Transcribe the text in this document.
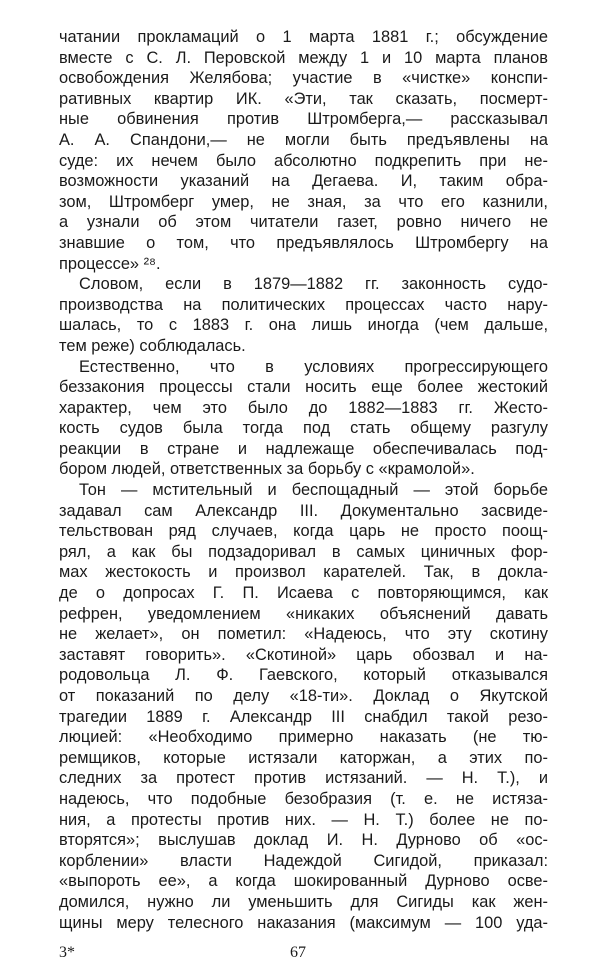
чатании прокламаций о 1 марта 1881 г.; обсуждение
вместе с С. Л. Перовской между 1 и 10 марта планов
освобождения Желябова; участие в «чистке» конспи-
ративных квартир ИК. «Эти, так сказать, посмерт-
ные обвинения против Штромберга,— рассказывал
А. А. Спандони,— не могли быть предъявлены на
суде: их нечем было абсолютно подкрепить при не-
возможности указаний на Дегаева. И, таким обра-
зом, Штромберг умер, не зная, за что его казнили,
а узнали об этом читатели газет, ровно ничего не
знавшие о том, что предъявлялось Штромбергу на
процессе» ²⁸.
Словом, если в 1879—1882 гг. законность судо-
производства на политических процессах часто нару-
шалась, то с 1883 г. она лишь иногда (чем дальше,
тем реже) соблюдалась.
Естественно, что в условиях прогрессирующего
беззакония процессы стали носить еще более жестокий
характер, чем это было до 1882—1883 гг. Жесто-
кость судов была тогда под стать общему разгулу
реакции в стране и надлежаще обеспечивалась под-
бором людей, ответственных за борьбу с «крамолой».
Тон — мстительный и беспощадный — этой борьбе
задавал сам Александр III. Документально засвиде-
тельствован ряд случаев, когда царь не просто поощ-
рял, а как бы подзадоривал в самых циничных фор-
мах жестокость и произвол карателей. Так, в докла-
де о допросах Г. П. Исаева с повторяющимся, как
рефрен, уведомлением «никаких объяснений давать
не желает», он пометил: «Надеюсь, что эту скотину
заставят говорить». «Скотиной» царь обозвал и на-
родовольца Л. Ф. Гаевского, который отказывался
от показаний по делу «18-ти». Доклад о Якутской
трагедии 1889 г. Александр III снабдил такой резо-
люцией: «Необходимо примерно наказать (не тю-
ремщиков, которые истязали каторжан, а этих по-
следних за протест против истязаний. — Н. Т.), и
надеюсь, что подобные безобразия (т. е. не истяза-
ния, а протесты против них. — Н. Т.) более не по-
вторятся»; выслушав доклад И. Н. Дурново об «ос-
корблении» власти Надеждой Сигидой, приказал:
«выпороть ее», а когда шокированный Дурново осве-
домился, нужно ли уменьшить для Сигиды как жен-
щины меру телесного наказания (максимум — 100 уда-
3*	67
